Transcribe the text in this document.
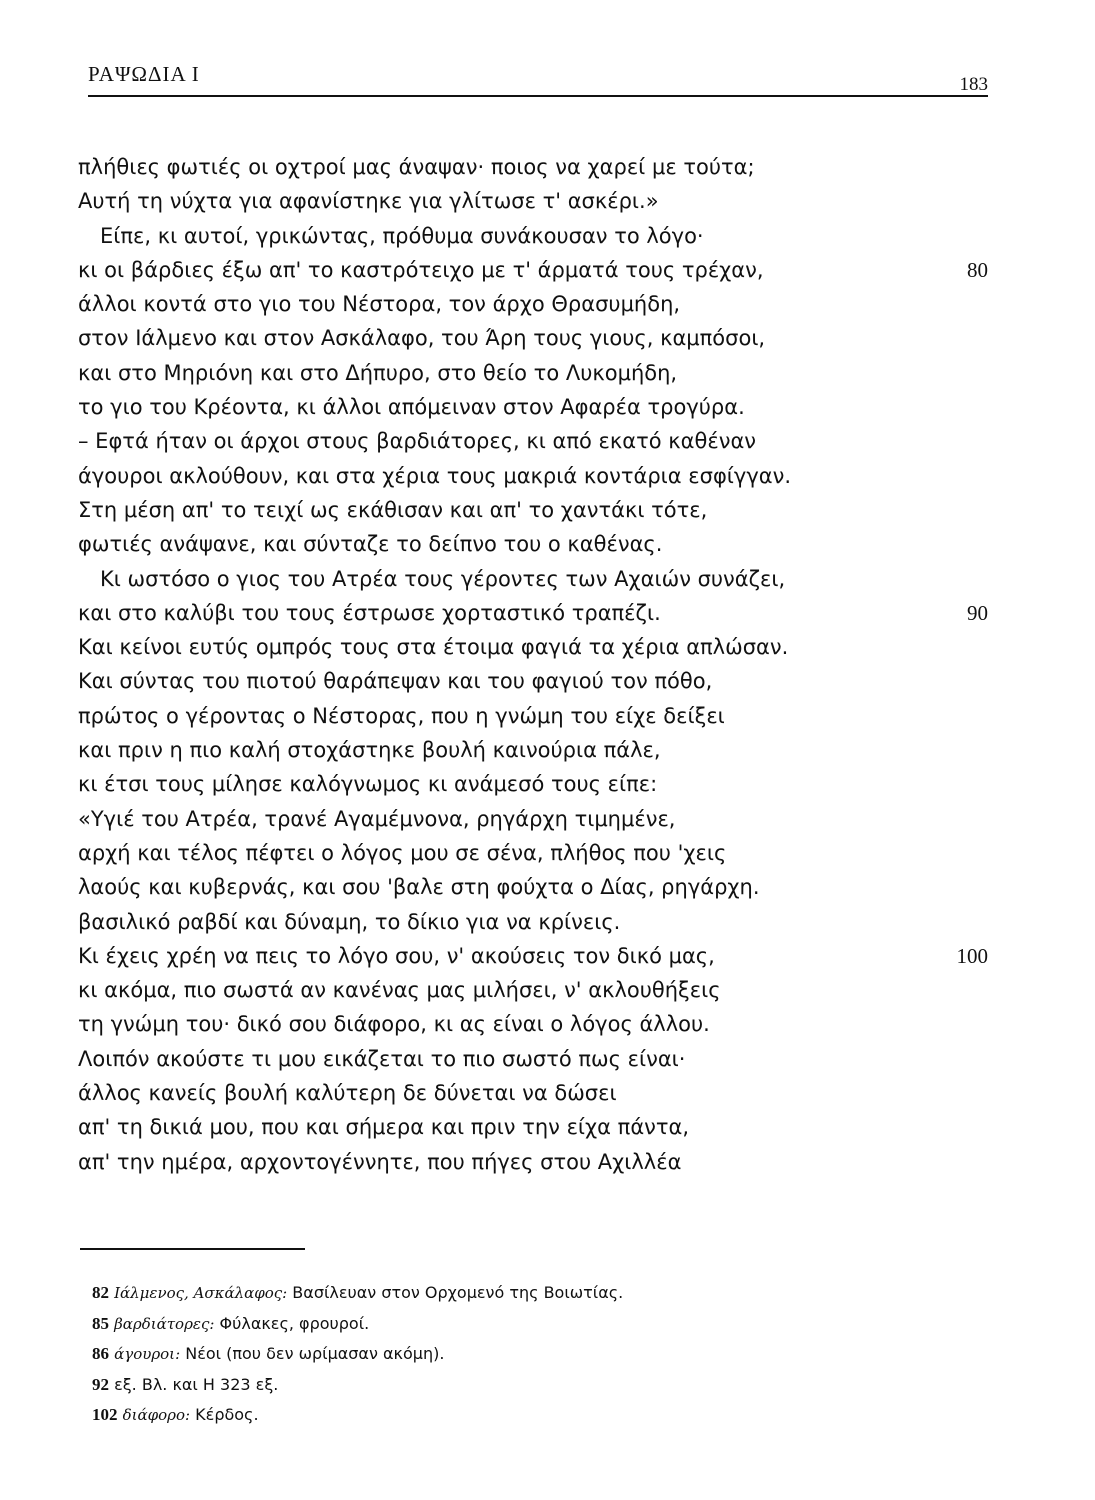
ΡΑΨΩΔΙΑ Ι	183
πλήθιες φωτιές οι οχτροί μας άναψαν· ποιος να χαρεί με τούτα;
Αυτή τη νύχτα για αφανίστηκε για γλίτωσε τ' ασκέρι.»
Είπε, κι αυτοί, γρικώντας, πρόθυμα συνάκουσαν το λόγο·
κι οι βάρδιες έξω απ' το καστρότειχο με τ' άρματά τους τρέχαν,	80
άλλοι κοντά στο γιο του Νέστορα, τον άρχο Θρασυμήδη,
στον Ιάλμενο και στον Ασκάλαφο, του Άρη τους γιους, καμπόσοι,
και στο Μηριόνη και στο Δήπυρο, στο θείο το Λυκομήδη,
το γιο του Κρέοντα, κι άλλοι απόμειναν στον Αφαρέα τρογύρα.
– Εφτά ήταν οι άρχοι στους βαρδιάτορες, κι από εκατό καθέναν
άγουροι ακλούθουν, και στα χέρια τους μακριά κοντάρια εσφίγγαν.
Στη μέση απ' το τειχί ως εκάθισαν και απ' το χαντάκι τότε,
φωτιές ανάψανε, και σύνταζε το δείπνο του ο καθένας.
Κι ωστόσο ο γιος του Ατρέα τους γέροντες των Αχαιών συνάζει,
και στο καλύβι του τους έστρωσε χορταστικό τραπέζι.	90
Και κείνοι ευτύς ομπρός τους στα έτοιμα φαγιά τα χέρια απλώσαν.
Και σύντας του πιοτού θαράπεψαν και του φαγιού τον πόθο,
πρώτος ο γέροντας ο Νέστορας, που η γνώμη του είχε δείξει
και πριν η πιο καλή στοχάστηκε βουλή καινούρια πάλε,
κι έτσι τους μίλησε καλόγνωμος κι ανάμεσό τους είπε:
«Υγιέ του Ατρέα, τρανέ Αγαμέμνονα, ρηγάρχη τιμημένε,
αρχή και τέλος πέφτει ο λόγος μου σε σένα, πλήθος που 'χεις
λαούς και κυβερνάς, και σου 'βαλε στη φούχτα ο Δίας, ρηγάρχη.
βασιλικό ραβδί και δύναμη, το δίκιο για να κρίνεις.
Κι έχεις χρέη να πεις το λόγο σου, ν' ακούσεις τον δικό μας,	100
κι ακόμα, πιο σωστά αν κανένας μας μιλήσει, ν' ακλουθήξεις
τη γνώμη του· δικό σου διάφορο, κι ας είναι ο λόγος άλλου.
Λοιπόν ακούστε τι μου εικάζεται το πιο σωστό πως είναι·
άλλος κανείς βουλή καλύτερη δε δύνεται να δώσει
απ' τη δικιά μου, που και σήμερα και πριν την είχα πάντα,
απ' την ημέρα, αρχοντογέννητε, που πήγες στου Αχιλλέα
82 Ιάλμενος, Ασκάλαφος: Βασίλευαν στον Ορχομενό της Βοιωτίας.
85 βαρδιάτορες: Φύλακες, φρουροί.
86 άγουροι: Νέοι (που δεν ωρίμασαν ακόμη).
92 εξ. Βλ. και Η 323 εξ.
102 διάφορο: Κέρδος.
